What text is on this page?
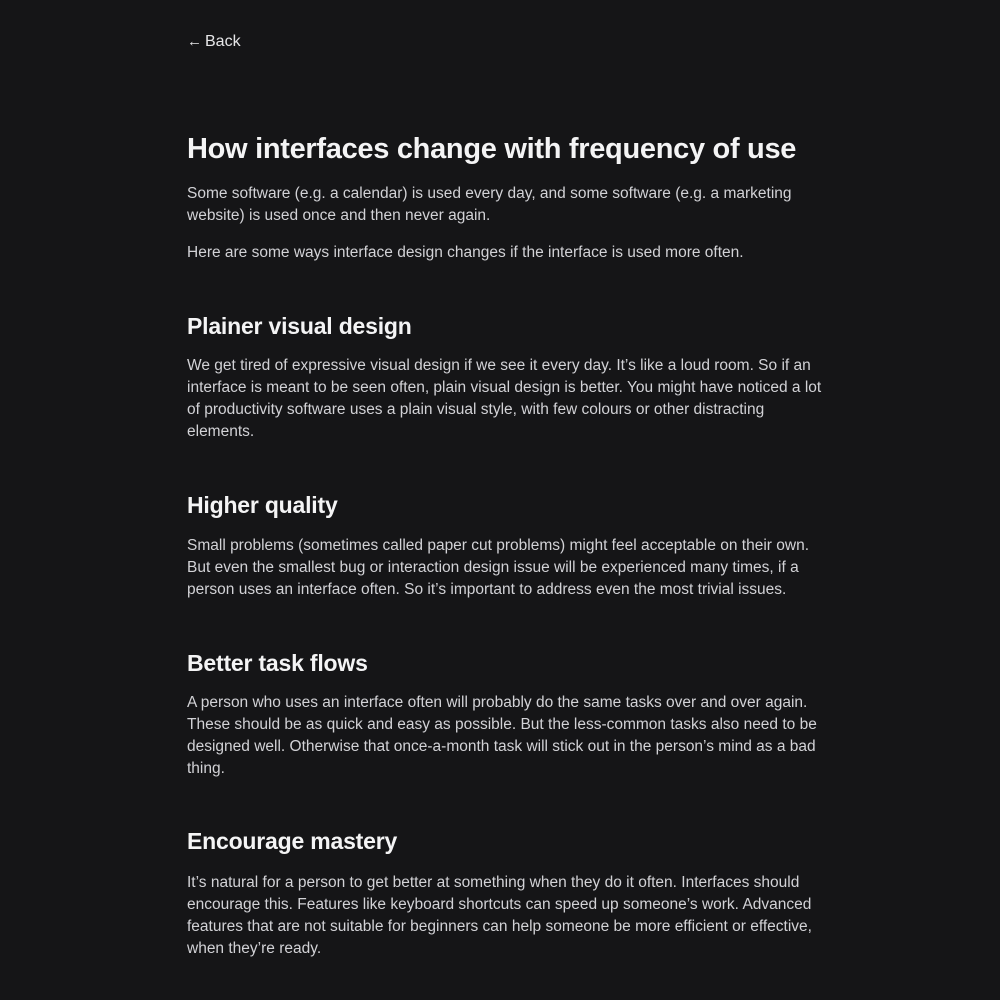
← Back
How interfaces change with frequency of use

Some software (e.g. a calendar) is used every day, and some software (e.g. a marketing website) is used once and then never again.

Here are some ways interface design changes if the interface is used more often.

Plainer visual design

We get tired of expressive visual design if we see it every day. It’s like a loud room. So if an interface is meant to be seen often, plain visual design is better. You might have noticed a lot of productivity software uses a plain visual style, with few colours or other distracting elements.

Higher quality

Small problems (sometimes called paper cut problems) might feel acceptable on their own. But even the smallest bug or interaction design issue will be experienced many times, if a person uses an interface often. So it’s important to address even the most trivial issues.

Better task flows

A person who uses an interface often will probably do the same tasks over and over again. These should be as quick and easy as possible. But the less-common tasks also need to be designed well. Otherwise that once-a-month task will stick out in the person’s mind as a bad thing.

Encourage mastery

It’s natural for a person to get better at something when they do it often. Interfaces should encourage this. Features like keyboard shortcuts can speed up someone’s work. Advanced features that are not suitable for beginners can help someone be more efficient or effective, when they’re ready.
